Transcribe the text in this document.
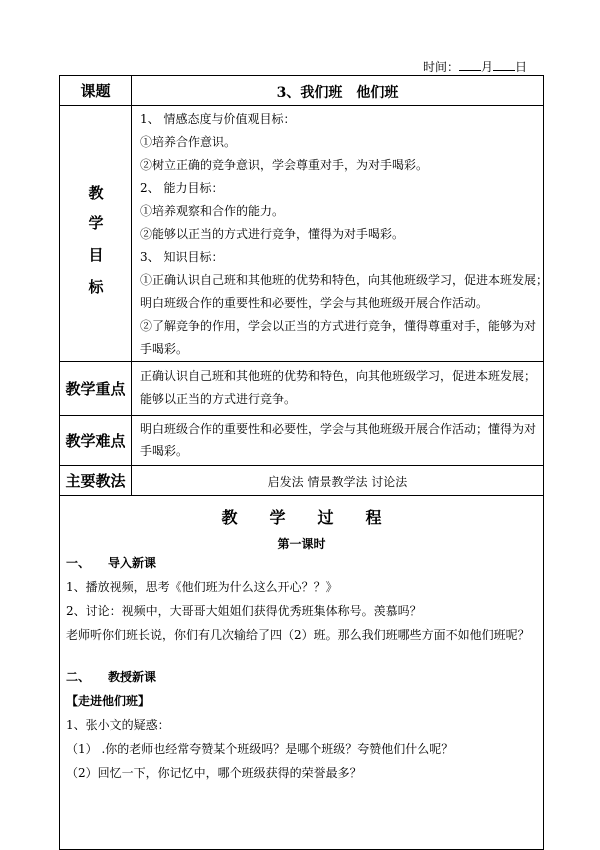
时间： 月 日
课题	3、我们班　他们班
教
学
目
标
1、 情感态度与价值观目标：
①培养合作意识。
②树立正确的竞争意识，学会尊重对手，为对手喝彩。
2、 能力目标：
①培养观察和合作的能力。
②能够以正当的方式进行竞争，懂得为对手喝彩。
3、 知识目标：
①正确认识自己班和其他班的优势和特色，向其他班级学习，促进本班发展；
明白班级合作的重要性和必要性，学会与其他班级开展合作活动。
②了解竞争的作用，学会以正当的方式进行竞争，懂得尊重对手，能够为对
手喝彩。
教学重点
正确认识自己班和其他班的优势和特色，向其他班级学习，促进本班发展；
能够以正当的方式进行竞争。
教学难点
明白班级合作的重要性和必要性，学会与其他班级开展合作活动；懂得为对
手喝彩。
主要教法	启发法 情景教学法 讨论法
教　　学　　过　　程
第一课时
一、　　导入新课
1、播放视频，思考《他们班为什么这么开心？？》
2、讨论：视频中，大哥哥大姐姐们获得优秀班集体称号。羡慕吗？
老师听你们班长说，你们有几次输给了四（2）班。那么我们班哪些方面不如他们班呢？
二、　　教授新课
【走进他们班】
1、张小文的疑惑：
（1） .你的老师也经常夸赞某个班级吗？是哪个班级？夸赞他们什么呢？
（2）回忆一下，你记忆中，哪个班级获得的荣誉最多？
